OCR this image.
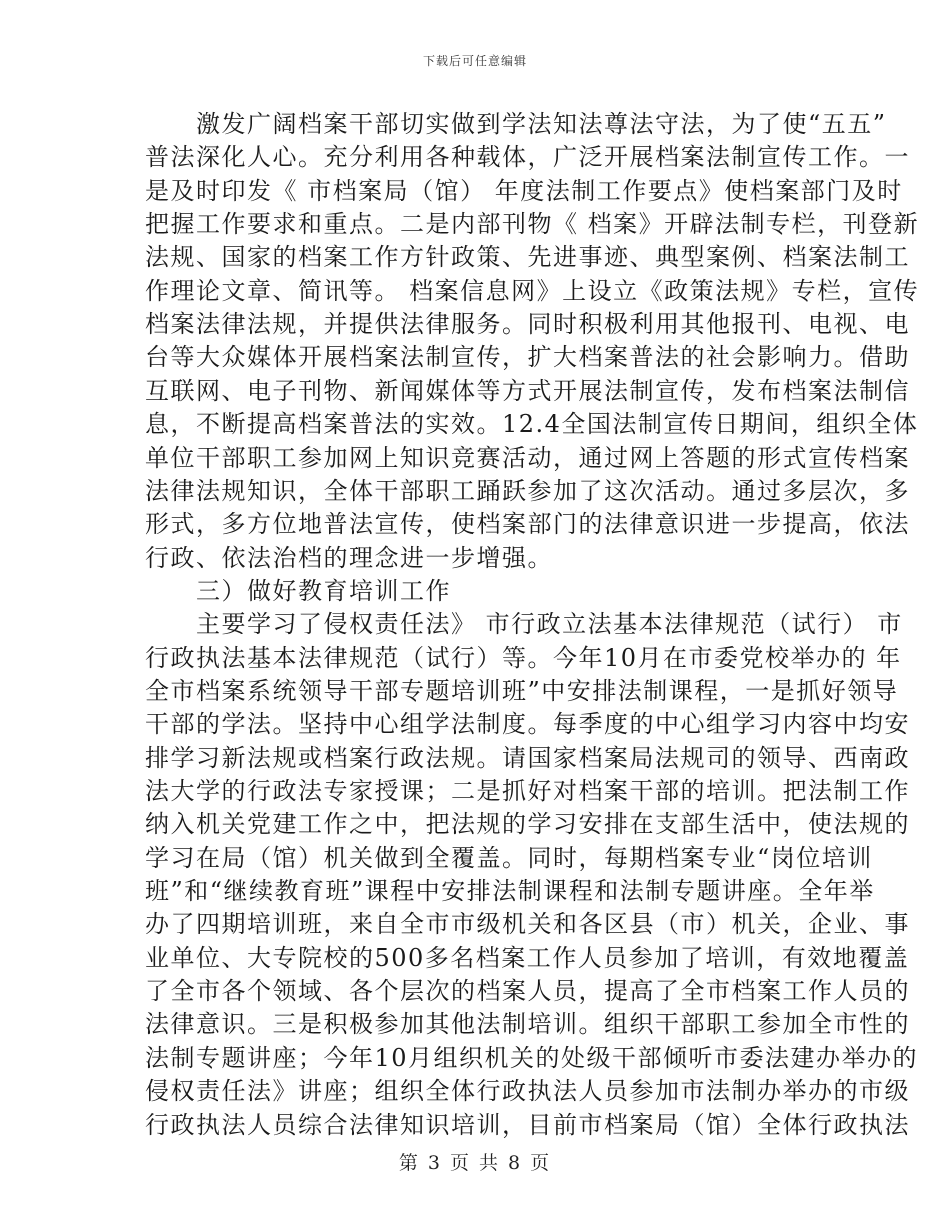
下载后可任意编辑
　　激发广阔档案干部切实做到学法知法尊法守法，为了使“五五”
普法深化人心。充分利用各种载体，广泛开展档案法制宣传工作。一
是及时印发《 市档案局（馆） 年度法制工作要点》使档案部门及时
把握工作要求和重点。二是内部刊物《 档案》开辟法制专栏，刊登新
法规、国家的档案工作方针政策、先进事迹、典型案例、档案法制工
作理论文章、简讯等。 档案信息网》上设立《政策法规》专栏，宣传
档案法律法规，并提供法律服务。同时积极利用其他报刊、电视、电
台等大众媒体开展档案法制宣传，扩大档案普法的社会影响力。借助
互联网、电子刊物、新闻媒体等方式开展法制宣传，发布档案法制信
息，不断提高档案普法的实效。12.4全国法制宣传日期间，组织全体
单位干部职工参加网上知识竞赛活动，通过网上答题的形式宣传档案
法律法规知识，全体干部职工踊跃参加了这次活动。通过多层次，多
形式，多方位地普法宣传，使档案部门的法律意识进一步提高，依法
行政、依法治档的理念进一步增强。
　　三）做好教育培训工作
　　主要学习了侵权责任法》 市行政立法基本法律规范（试行） 市
行政执法基本法律规范（试行）等。今年10月在市委党校举办的 年
全市档案系统领导干部专题培训班”中安排法制课程，一是抓好领导
干部的学法。坚持中心组学法制度。每季度的中心组学习内容中均安
排学习新法规或档案行政法规。请国家档案局法规司的领导、西南政
法大学的行政法专家授课；二是抓好对档案干部的培训。把法制工作
纳入机关党建工作之中，把法规的学习安排在支部生活中，使法规的
学习在局（馆）机关做到全覆盖。同时，每期档案专业“岗位培训
班”和“继续教育班”课程中安排法制课程和法制专题讲座。全年举
办了四期培训班，来自全市市级机关和各区县（市）机关，企业、事
业单位、大专院校的500多名档案工作人员参加了培训，有效地覆盖
了全市各个领域、各个层次的档案人员，提高了全市档案工作人员的
法律意识。三是积极参加其他法制培训。组织干部职工参加全市性的
法制专题讲座；今年10月组织机关的处级干部倾听市委法建办举办的
侵权责任法》讲座；组织全体行政执法人员参加市法制办举办的市级
行政执法人员综合法律知识培训，目前市档案局（馆）全体行政执法
第 3 页 共 8 页
